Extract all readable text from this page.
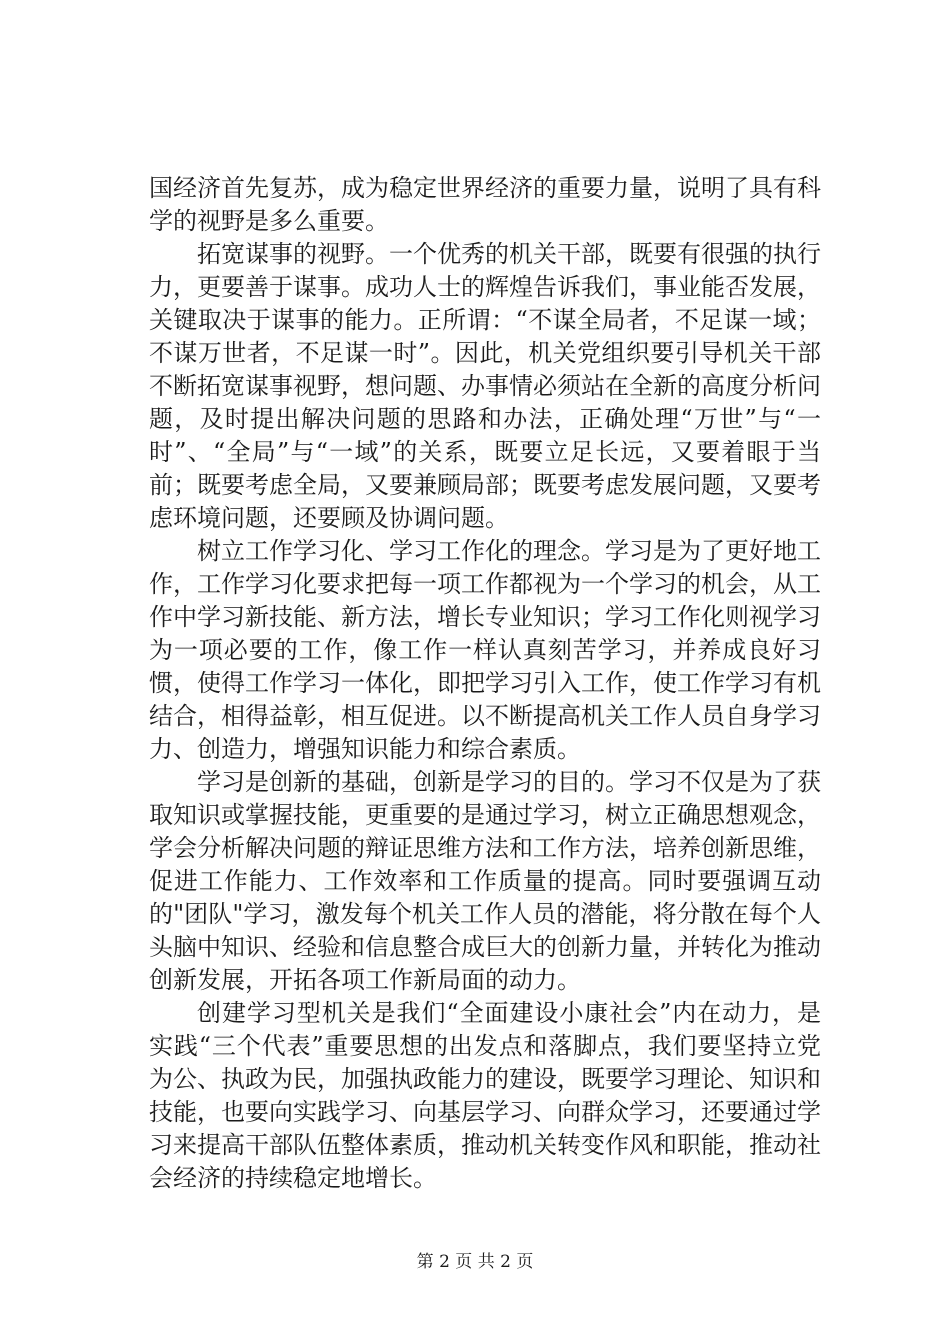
国经济首先复苏，成为稳定世界经济的重要力量，说明了具有科学的视野是多么重要。

拓宽谋事的视野。一个优秀的机关干部，既要有很强的执行力，更要善于谋事。成功人士的辉煌告诉我们，事业能否发展，关键取决于谋事的能力。正所谓：“不谋全局者，不足谋一域；不谋万世者，不足谋一时”。因此，机关党组织要引导机关干部不断拓宽谋事视野，想问题、办事情必须站在全新的高度分析问题，及时提出解决问题的思路和办法，正确处理“万世”与“一时”、“全局”与“一域”的关系，既要立足长远，又要着眼于当前；既要考虑全局，又要兼顾局部；既要考虑发展问题，又要考虑环境问题，还要顾及协调问题。

树立工作学习化、学习工作化的理念。学习是为了更好地工作，工作学习化要求把每一项工作都视为一个学习的机会，从工作中学习新技能、新方法，增长专业知识；学习工作化则视学习为一项必要的工作，像工作一样认真刻苦学习，并养成良好习惯，使得工作学习一体化，即把学习引入工作，使工作学习有机结合，相得益彰，相互促进。以不断提高机关工作人员自身学习力、创造力，增强知识能力和综合素质。

学习是创新的基础，创新是学习的目的。学习不仅是为了获取知识或掌握技能，更重要的是通过学习，树立正确思想观念，学会分析解决问题的辩证思维方法和工作方法，培养创新思维，促进工作能力、工作效率和工作质量的提高。同时要强调互动的"团队"学习，激发每个机关工作人员的潜能，将分散在每个人头脑中知识、经验和信息整合成巨大的创新力量，并转化为推动创新发展，开拓各项工作新局面的动力。

创建学习型机关是我们“全面建设小康社会”内在动力，是实践“三个代表”重要思想的出发点和落脚点，我们要坚持立党为公、执政为民，加强执政能力的建设，既要学习理论、知识和技能，也要向实践学习、向基层学习、向群众学习，还要通过学习来提高干部队伍整体素质，推动机关转变作风和职能，推动社会经济的持续稳定地增长。

第 2 页 共 2 页
